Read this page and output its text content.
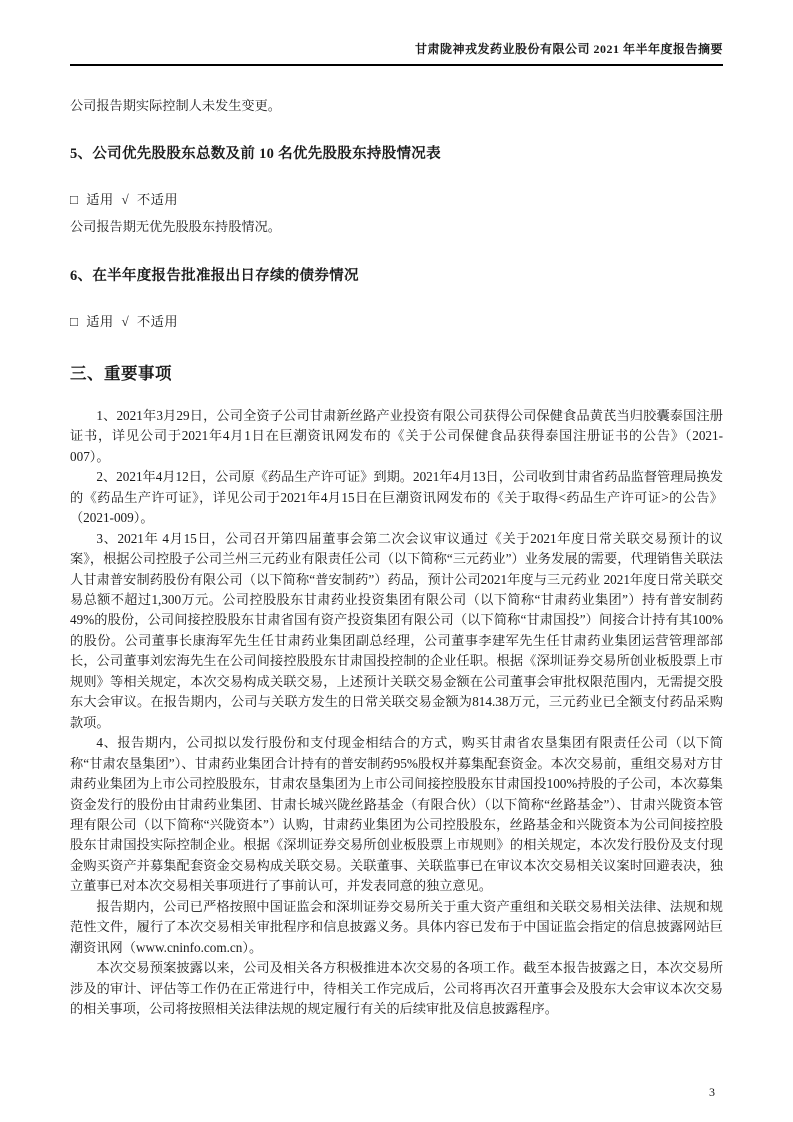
甘肃陇神戎发药业股份有限公司 2021 年半年度报告摘要

公司报告期实际控制人未发生变更。

5、公司优先股股东总数及前 10 名优先股股东持股情况表

□ 适用 √ 不适用

公司报告期无优先股股东持股情况。

6、在半年度报告批准报出日存续的债券情况

□ 适用 √ 不适用

三、重要事项

1、2021年3月29日，公司全资子公司甘肃新丝路产业投资有限公司获得公司保健食品黄芪当归胶囊泰国注册证书，详见公司于2021年4月1日在巨潮资讯网发布的《关于公司保健食品获得泰国注册证书的公告》（2021-007）。

2、2021年4月12日，公司原《药品生产许可证》到期。2021年4月13日，公司收到甘肃省药品监督管理局换发的《药品生产许可证》，详见公司于2021年4月15日在巨潮资讯网发布的《关于取得<药品生产许可证>的公告》（2021-009）。

3、2021年 4月15日，公司召开第四届董事会第二次会议审议通过《关于2021年度日常关联交易预计的议案》，根据公司控股子公司兰州三元药业有限责任公司（以下简称“三元药业”）业务发展的需要，代理销售关联法人甘肃普安制药股份有限公司（以下简称“普安制药”）药品，预计公司2021年度与三元药业 2021年度日常关联交易总额不超过1,300万元。公司控股股东甘肃药业投资集团有限公司（以下简称“甘肃药业集团”）持有普安制药49%的股份，公司间接控股股东甘肃省国有资产投资集团有限公司（以下简称“甘肃国投”）间接合计持有其100%的股份。公司董事长康海军先生任甘肃药业集团副总经理，公司董事李建军先生任甘肃药业集团运营管理部部长，公司董事刘宏海先生在公司间接控股股东甘肃国投控制的企业任职。根据《深圳证券交易所创业板股票上市规则》等相关规定，本次交易构成关联交易，上述预计关联交易金额在公司董事会审批权限范围内，无需提交股东大会审议。在报告期内，公司与关联方发生的日常关联交易金额为814.38万元，三元药业已全额支付药品采购款项。

4、报告期内，公司拟以发行股份和支付现金相结合的方式，购买甘肃省农垦集团有限责任公司（以下简称“甘肃农垦集团”）、甘肃药业集团合计持有的普安制药95%股权并募集配套资金。本次交易前，重组交易对方甘肃药业集团为上市公司控股股东，甘肃农垦集团为上市公司间接控股股东甘肃国投100%持股的子公司，本次募集资金发行的股份由甘肃药业集团、甘肃长城兴陇丝路基金（有限合伙）（以下简称“丝路基金”）、甘肃兴陇资本管理有限公司（以下简称“兴陇资本”）认购，甘肃药业集团为公司控股股东，丝路基金和兴陇资本为公司间接控股股东甘肃国投实际控制企业。根据《深圳证券交易所创业板股票上市规则》的相关规定，本次发行股份及支付现金购买资产并募集配套资金交易构成关联交易。关联董事、关联监事已在审议本次交易相关议案时回避表决，独立董事已对本次交易相关事项进行了事前认可，并发表同意的独立意见。

报告期内，公司已严格按照中国证监会和深圳证券交易所关于重大资产重组和关联交易相关法律、法规和规范性文件，履行了本次交易相关审批程序和信息披露义务。具体内容已发布于中国证监会指定的信息披露网站巨潮资讯网（www.cninfo.com.cn）。

本次交易预案披露以来，公司及相关各方积极推进本次交易的各项工作。截至本报告披露之日，本次交易所涉及的审计、评估等工作仍在正常进行中，待相关工作完成后，公司将再次召开董事会及股东大会审议本次交易的相关事项，公司将按照相关法律法规的规定履行有关的后续审批及信息披露程序。

3
